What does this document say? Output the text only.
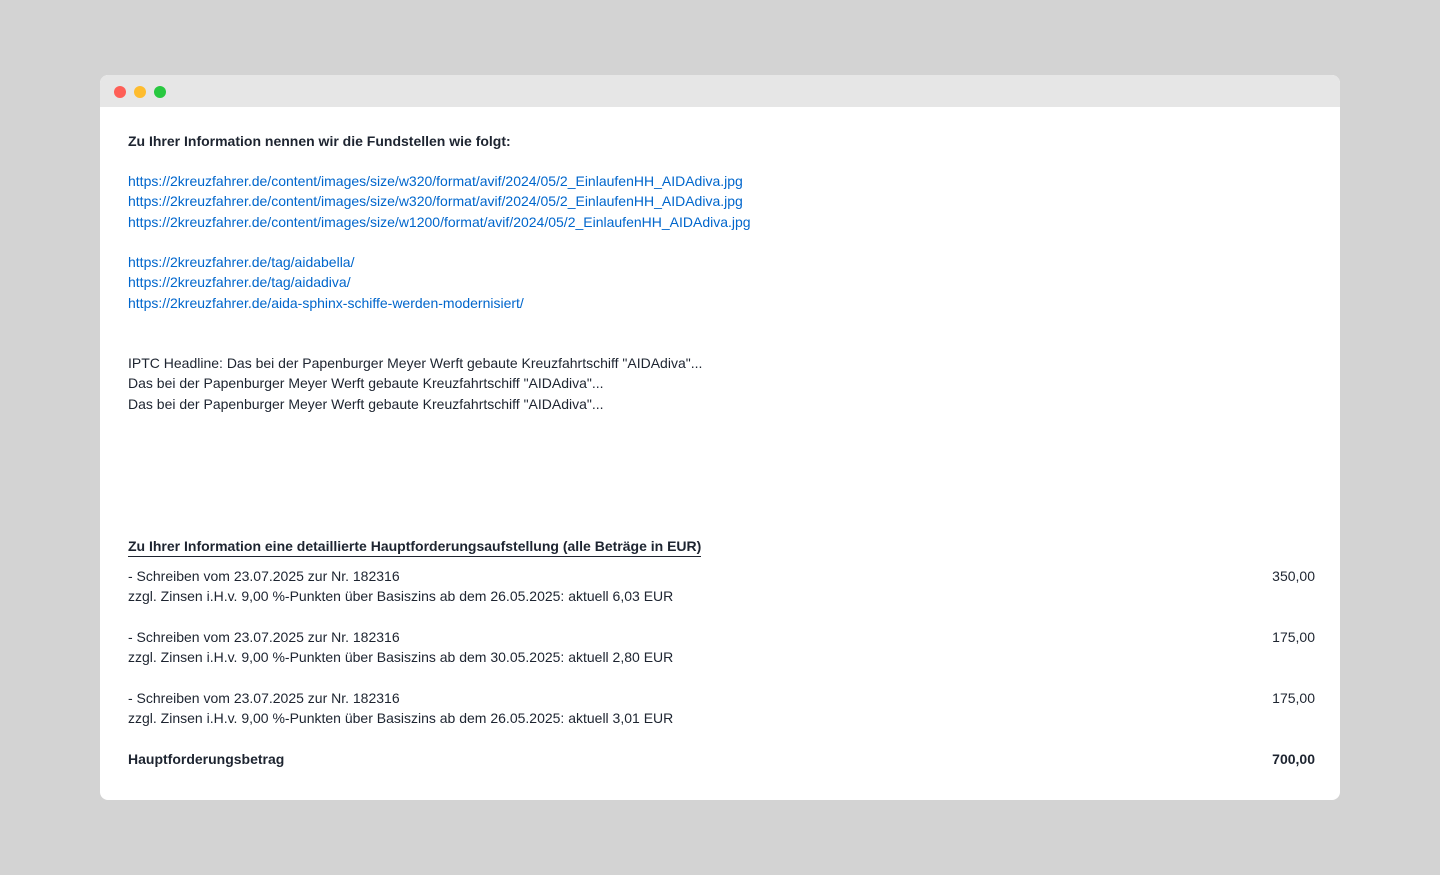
Zu Ihrer Information nennen wir die Fundstellen wie folgt:
https://2kreuzfahrer.de/content/images/size/w320/format/avif/2024/05/2_EinlaufenHH_AIDAdiva.jpg
https://2kreuzfahrer.de/content/images/size/w320/format/avif/2024/05/2_EinlaufenHH_AIDAdiva.jpg
https://2kreuzfahrer.de/content/images/size/w1200/format/avif/2024/05/2_EinlaufenHH_AIDAdiva.jpg
https://2kreuzfahrer.de/tag/aidabella/
https://2kreuzfahrer.de/tag/aidadiva/
https://2kreuzfahrer.de/aida-sphinx-schiffe-werden-modernisiert/
IPTC Headline: Das bei der Papenburger Meyer Werft gebaute Kreuzfahrtschiff "AIDAdiva"...
Das bei der Papenburger Meyer Werft gebaute Kreuzfahrtschiff "AIDAdiva"...
Das bei der Papenburger Meyer Werft gebaute Kreuzfahrtschiff "AIDAdiva"...
Zu Ihrer Information eine detaillierte Hauptforderungsaufstellung (alle Beträge in EUR)
- Schreiben vom 23.07.2025 zur Nr. 182316	350,00
zzgl. Zinsen i.H.v. 9,00 %-Punkten über Basiszins ab dem 26.05.2025: aktuell 6,03 EUR
- Schreiben vom 23.07.2025 zur Nr. 182316	175,00
zzgl. Zinsen i.H.v. 9,00 %-Punkten über Basiszins ab dem 30.05.2025: aktuell 2,80 EUR
- Schreiben vom 23.07.2025 zur Nr. 182316	175,00
zzgl. Zinsen i.H.v. 9,00 %-Punkten über Basiszins ab dem 26.05.2025: aktuell 3,01 EUR
Hauptforderungsbetrag	700,00
